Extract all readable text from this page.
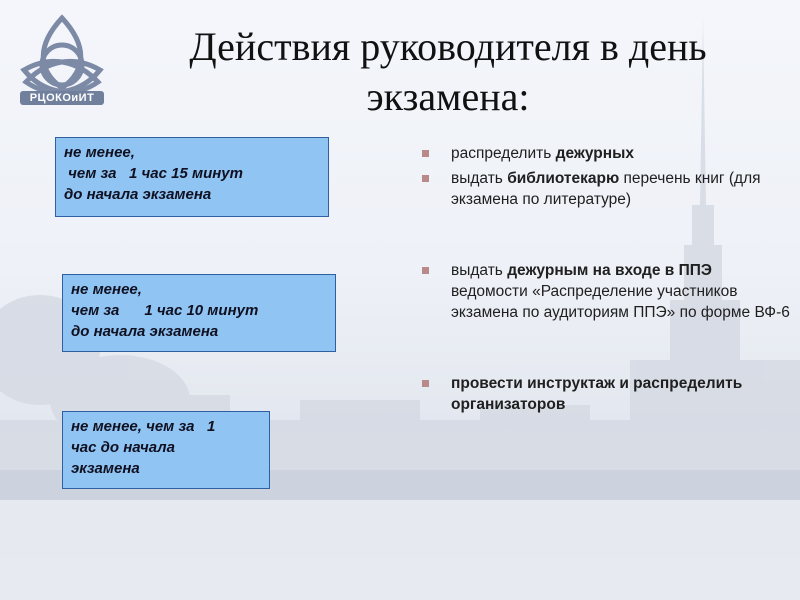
РЦОКОиИТ
Действия руководителя в день экзамена:
не менее,
чем за   1 час 15 минут
до начала экзамена
не менее,
чем за      1 час 10 минут
до начала экзамена
не менее, чем за   1
час до начала
экзамена
распределить дежурных
выдать библиотекарю перечень книг (для экзамена по литературе)
выдать дежурным на входе в ППЭ ведомости «Распределение участников экзамена по аудиториям ППЭ» по форме ВФ-6
провести инструктаж и распределить организаторов
